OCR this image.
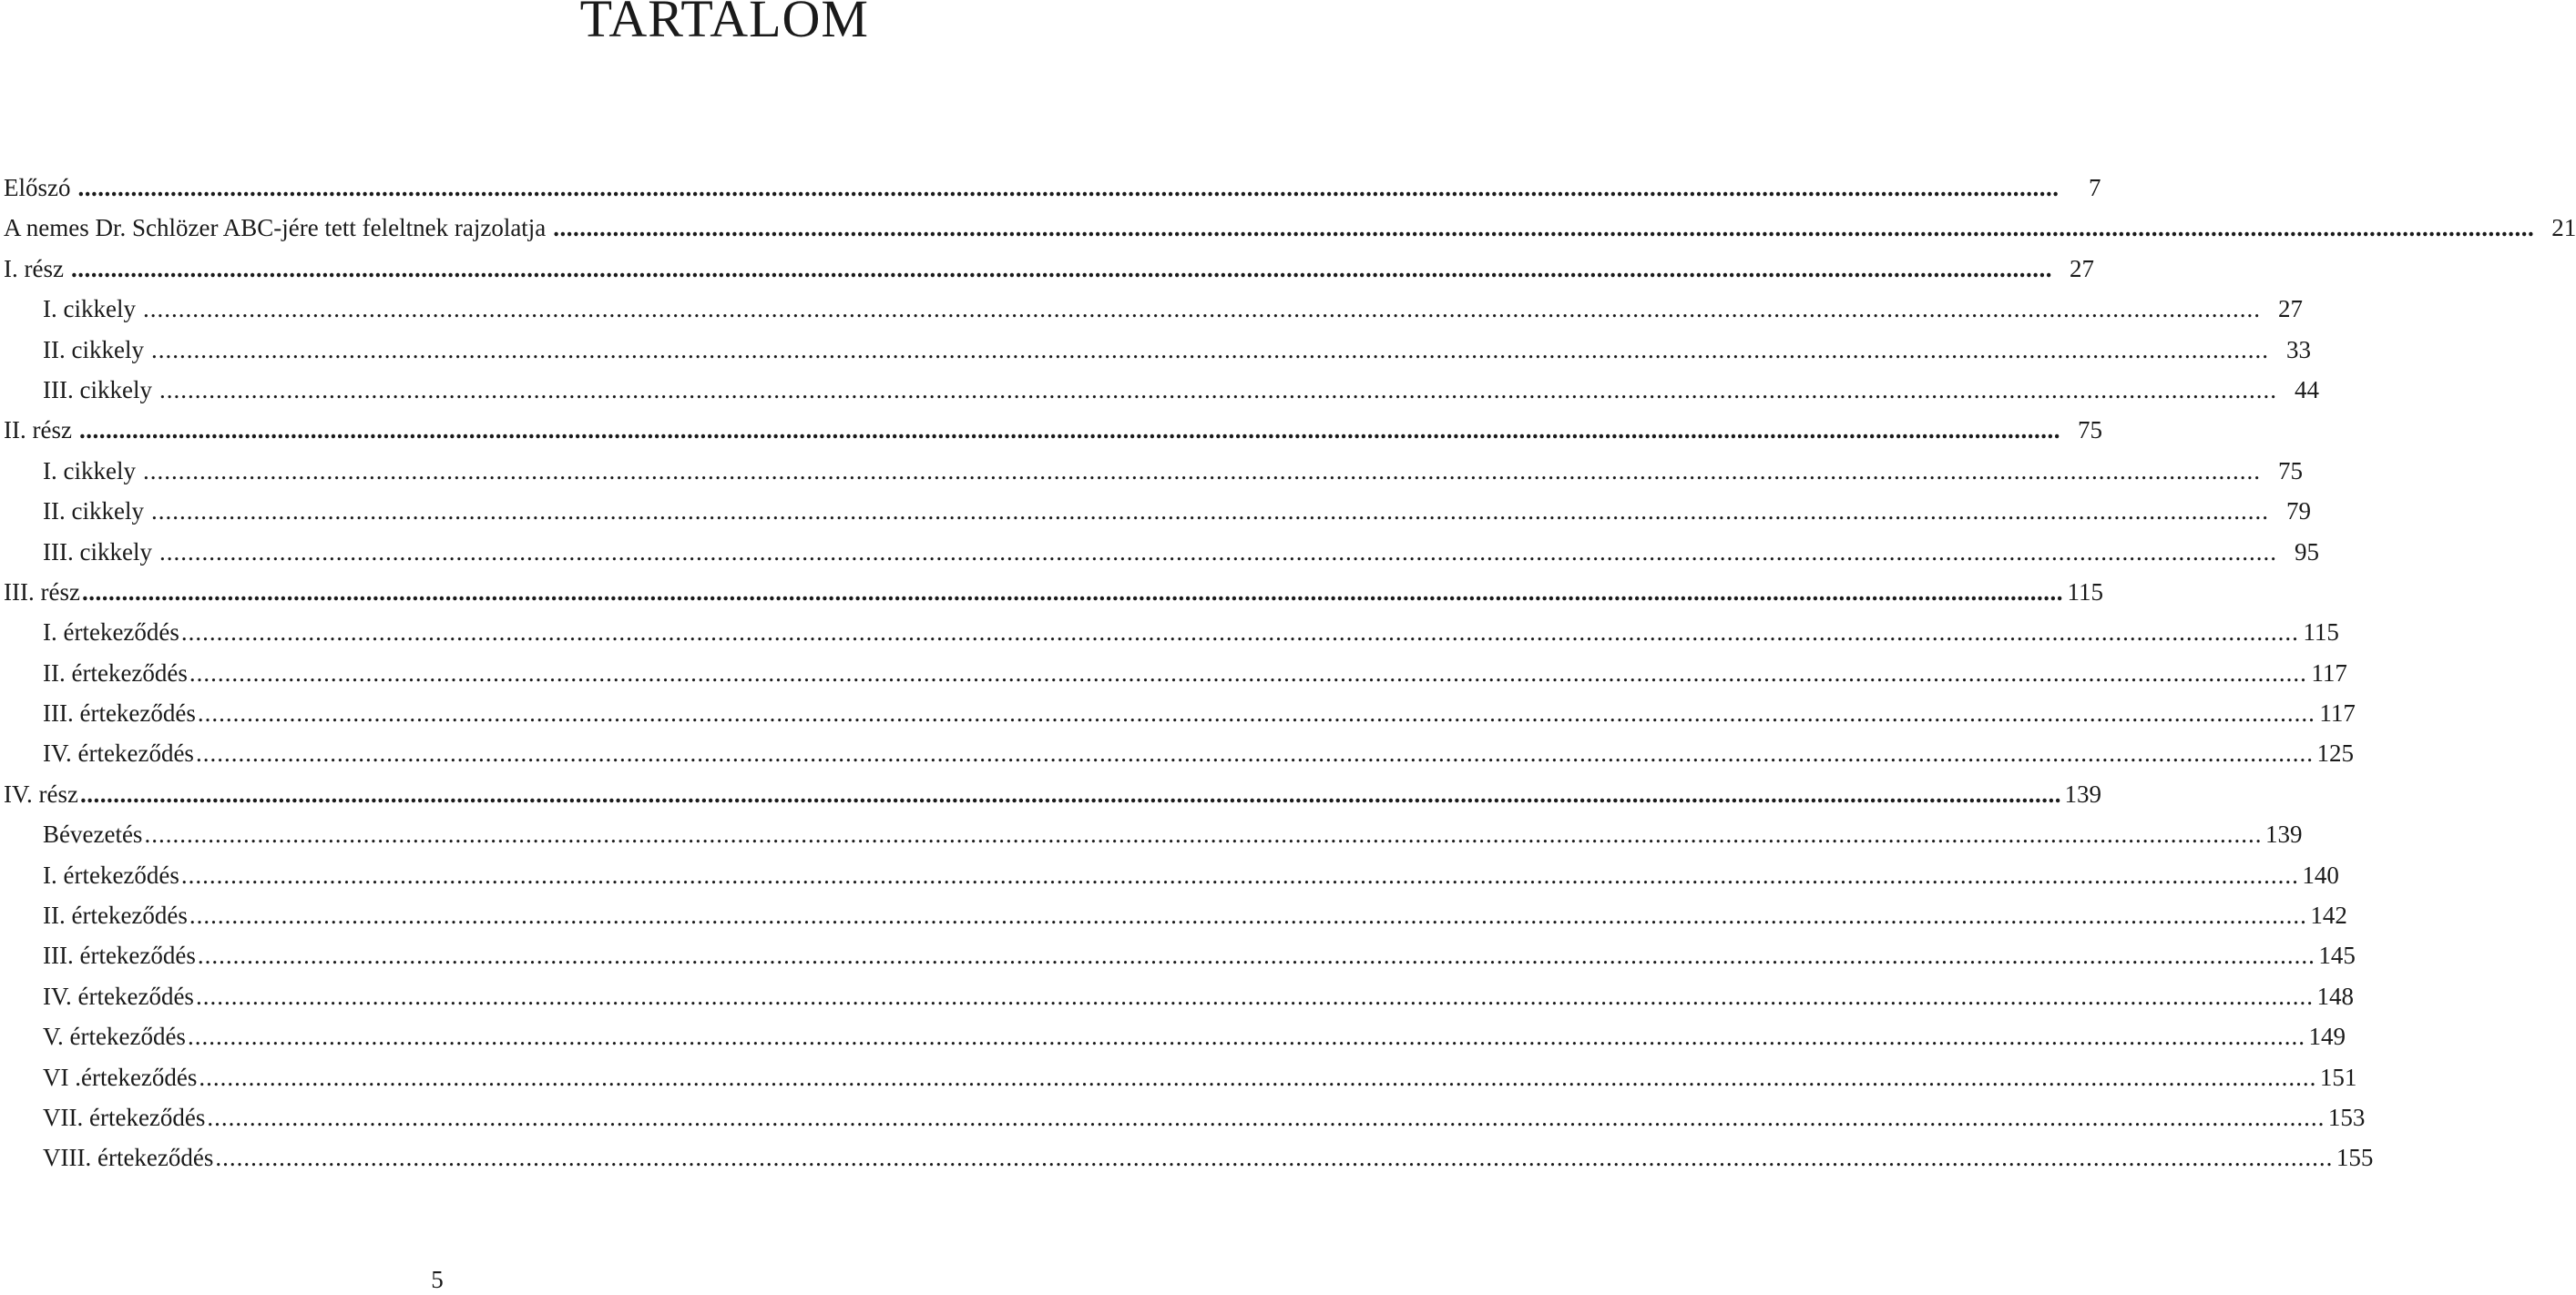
TARTALOM
Előszó ............................................................................................................................................................................................................................................................................................................	7
A nemes Dr. Schlözer ABC-jére tett feleltnek rajzolatja ............................................................................................................................................................................................................................................................................................................ 21
I. rész ............................................................................................................................................................................................................................................................................................................ 27
I. cikkely ............................................................................................................................................................................................................................................................................................................ 27
II. cikkely ............................................................................................................................................................................................................................................................................................................ 33
III. cikkely ............................................................................................................................................................................................................................................................................................................ 44
II. rész ............................................................................................................................................................................................................................................................................................................ 75
I. cikkely ............................................................................................................................................................................................................................................................................................................ 75
II. cikkely ............................................................................................................................................................................................................................................................................................................ 79
III. cikkely ............................................................................................................................................................................................................................................................................................................ 95
III. rész ............................................................................................................................................................................................................................................................................................................ 115
I. értekeződés ............................................................................................................................................................................................................................................................................................................ 115
II. értekeződés ............................................................................................................................................................................................................................................................................................................ 117
III. értekeződés ............................................................................................................................................................................................................................................................................................................ 117
IV. értekeződés ............................................................................................................................................................................................................................................................................................................ 125
IV. rész ............................................................................................................................................................................................................................................................................................................ 139
Bévezetés ............................................................................................................................................................................................................................................................................................................ 139
I. értekeződés ............................................................................................................................................................................................................................................................................................................ 140
II. értekeződés ............................................................................................................................................................................................................................................................................................................ 142
III. értekeződés ............................................................................................................................................................................................................................................................................................................ 145
IV. értekeződés ............................................................................................................................................................................................................................................................................................................ 148
V. értekeződés ............................................................................................................................................................................................................................................................................................................ 149
VI .értekeződés ............................................................................................................................................................................................................................................................................................................ 151
VII. értekeződés ............................................................................................................................................................................................................................................................................................................ 153
VIII. értekeződés ............................................................................................................................................................................................................................................................................................................ 155
5
